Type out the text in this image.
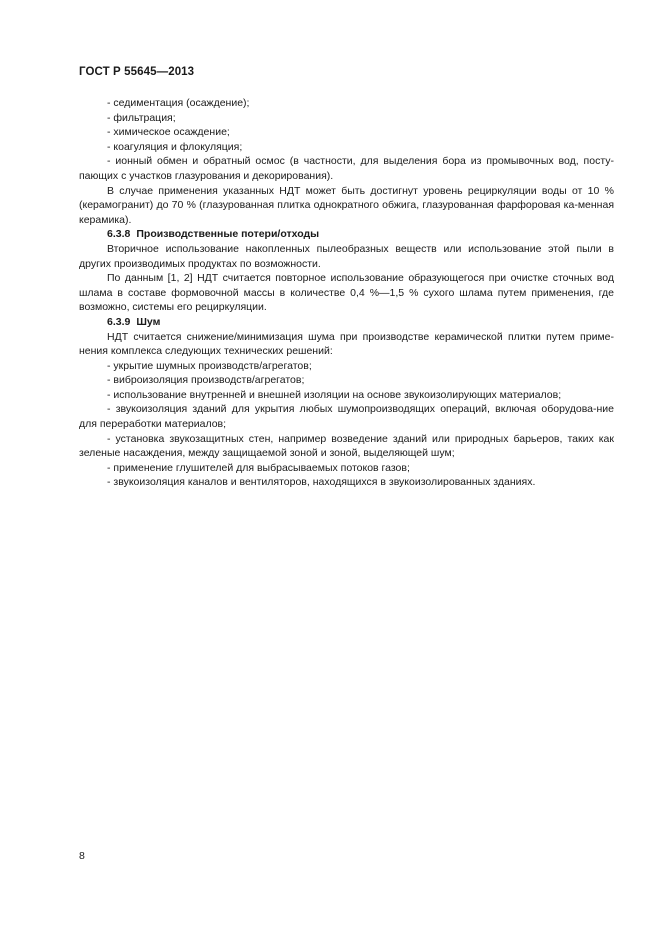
ГОСТ Р 55645—2013

- седиментация (осаждение);

- фильтрация;

- химическое осаждение;

- коагуляция и флокуляция;

- ионный обмен и обратный осмос (в частности, для выделения бора из промывочных вод, посту-пающих с участков глазурования и декорирования).

В случае применения указанных НДТ может быть достигнут уровень рециркуляции воды от 10 % (керамогранит) до 70 % (глазурованная плитка однократного обжига, глазурованная фарфоровая ка-менная керамика).

6.3.8 Производственные потери/отходы

Вторичное использование накопленных пылеобразных веществ или использование этой пыли в других производимых продуктах по возможности.

По данным [1, 2] НДТ считается повторное использование образующегося при очистке сточных вод шлама в составе формовочной массы в количестве 0,4 %—1,5 % сухого шлама путем применения, где возможно, системы его рециркуляции.

6.3.9 Шум

НДТ считается снижение/минимизация шума при производстве керамической плитки путем приме-нения комплекса следующих технических решений:

- укрытие шумных производств/агрегатов;

- виброизоляция производств/агрегатов;

- использование внутренней и внешней изоляции на основе звукоизолирующих материалов;

- звукоизоляция зданий для укрытия любых шумопроизводящих операций, включая оборудова-ние для переработки материалов;

- установка звукозащитных стен, например возведение зданий или природных барьеров, таких как зеленые насаждения, между защищаемой зоной и зоной, выделяющей шум;

- применение глушителей для выбрасываемых потоков газов;

- звукоизоляция каналов и вентиляторов, находящихся в звукоизолированных зданиях.

8
